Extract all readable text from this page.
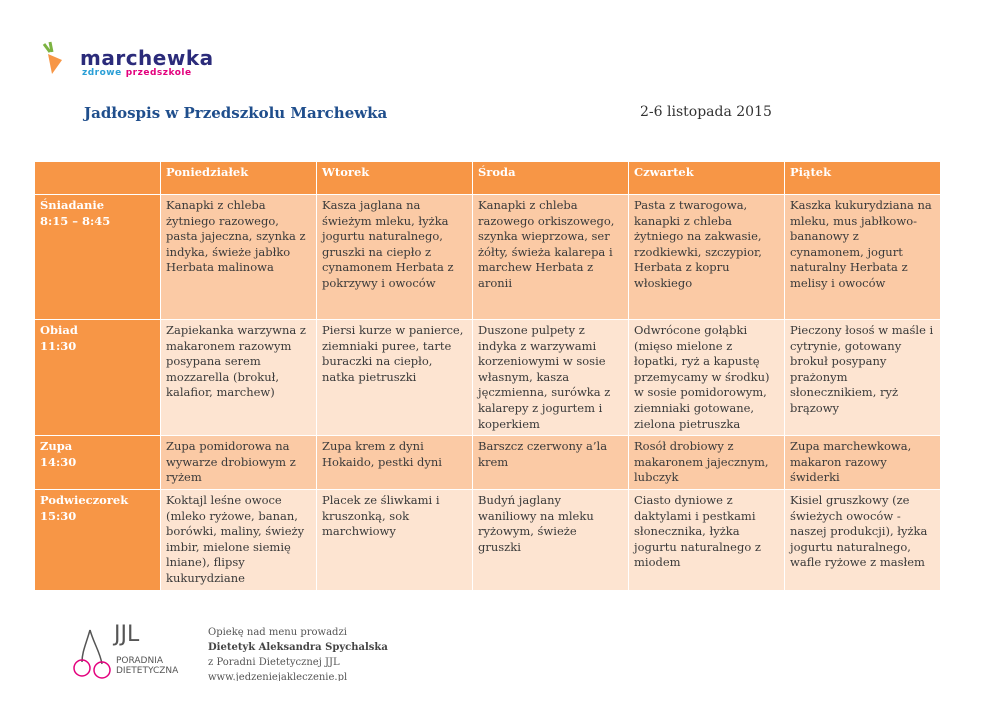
marchewka
zdrowe przedszkole
Jadłospis w Przedszkolu Marchewka	2-6 listopada 2015
	Poniedziałek	Wtorek	Środa	Czwartek	Piątek
Śniadanie
8:15 – 8:45	Kanapki z chleba żytniego razowego, pasta jajeczna, szynka z indyka, świeże jabłko Herbata malinowa	Kasza jaglana na świeżym mleku, łyżka jogurtu naturalnego, gruszki na ciepło z cynamonem Herbata z pokrzywy i owoców	Kanapki z chleba razowego orkiszowego, szynka wieprzowa, ser żółty, świeża kalarepa i marchew Herbata z aronii	Pasta z twarogowa, kanapki z chleba żytniego na zakwasie, rzodkiewki, szczypior, Herbata z kopru włoskiego	Kaszka kukurydziana na mleku, mus jabłkowo-bananowy z cynamonem, jogurt naturalny Herbata z melisy i owoców
Obiad
11:30	Zapiekanka warzywna z makaronem razowym posypana serem mozzarella (brokuł, kalafior, marchew)	Piersi kurze w panierce, ziemniaki puree, tarte buraczki na ciepło, natka pietruszki	Duszone pulpety z indyka z warzywami korzeniowymi w sosie własnym, kasza jęczmienna, surówka z kalarepy z jogurtem i koperkiem	Odwrócone gołąbki (mięso mielone z łopatki, ryż a kapustę przemycamy w środku) w sosie pomidorowym, ziemniaki gotowane, zielona pietruszka	Pieczony łosoś w maśle i cytrynie, gotowany brokuł posypany prażonym słonecznikiem, ryż brązowy
Zupa
14:30	Zupa pomidorowa na wywarze drobiowym z ryżem	Zupa krem z dyni Hokaido, pestki dyni	Barszcz czerwony a’la krem	Rosół drobiowy z makaronem jajecznym, lubczyk	Zupa marchewkowa, makaron razowy świderki
Podwieczorek
15:30	Koktajl leśne owoce (mleko ryżowe, banan, borówki, maliny, świeży imbir, mielone siemię lniane), flipsy kukurydziane	Placek ze śliwkami i kruszonką, sok marchwiowy	Budyń jaglany waniliowy na mleku ryżowym, świeże gruszki	Ciasto dyniowe z daktylami i pestkami słonecznika, łyżka jogurtu naturalnego z miodem	Kisiel gruszkowy (ze świeżych owoców - naszej produkcji), łyżka jogurtu naturalnego, wafle ryżowe z masłem
JJL
PORADNIA
DIETETYCZNA
Opiekę nad menu prowadzi
Dietetyk Aleksandra Spychalska
z Poradni Dietetycznej JJL
www.jedzeniejakleczenie.pl
